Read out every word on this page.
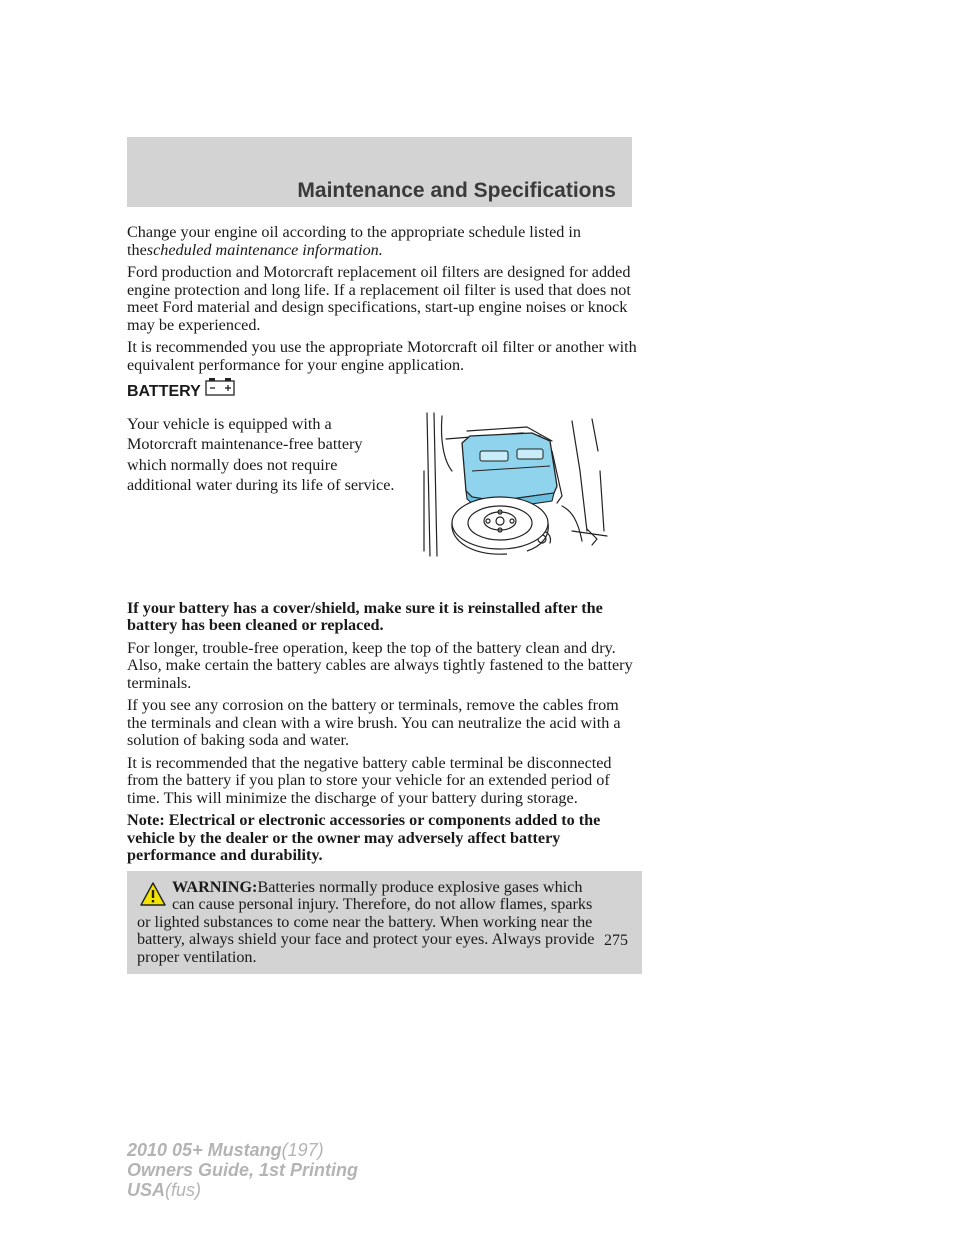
Maintenance and Specifications

Change your engine oil according to the appropriate schedule listed in thescheduled maintenance information.

Ford production and Motorcraft replacement oil filters are designed for added engine protection and long life. If a replacement oil filter is used that does not meet Ford material and design specifications, start-up engine noises or knock may be experienced.

It is recommended you use the appropriate Motorcraft oil filter or another with equivalent performance for your engine application.

BATTERY
Your vehicle is equipped with a Motorcraft maintenance-free battery which normally does not require additional water during its life of service.

If your battery has a cover/shield, make sure it is reinstalled after the battery has been cleaned or replaced.

For longer, trouble-free operation, keep the top of the battery clean and dry. Also, make certain the battery cables are always tightly fastened to the battery terminals.

If you see any corrosion on the battery or terminals, remove the cables from the terminals and clean with a wire brush. You can neutralize the acid with a solution of baking soda and water.

It is recommended that the negative battery cable terminal be disconnected from the battery if you plan to store your vehicle for an extended period of time. This will minimize the discharge of your battery during storage.

Note: Electrical or electronic accessories or components added to the vehicle by the dealer or the owner may adversely affect battery performance and durability.

WARNING:Batteries normally produce explosive gases which
can cause personal injury. Therefore, do not allow flames, sparks
or lighted substances to come near the battery. When working near the battery, always shield your face and protect your eyes. Always provide proper ventilation.
275
2010 05+ Mustang(197)
Owners Guide, 1st Printing
USA(fus)
